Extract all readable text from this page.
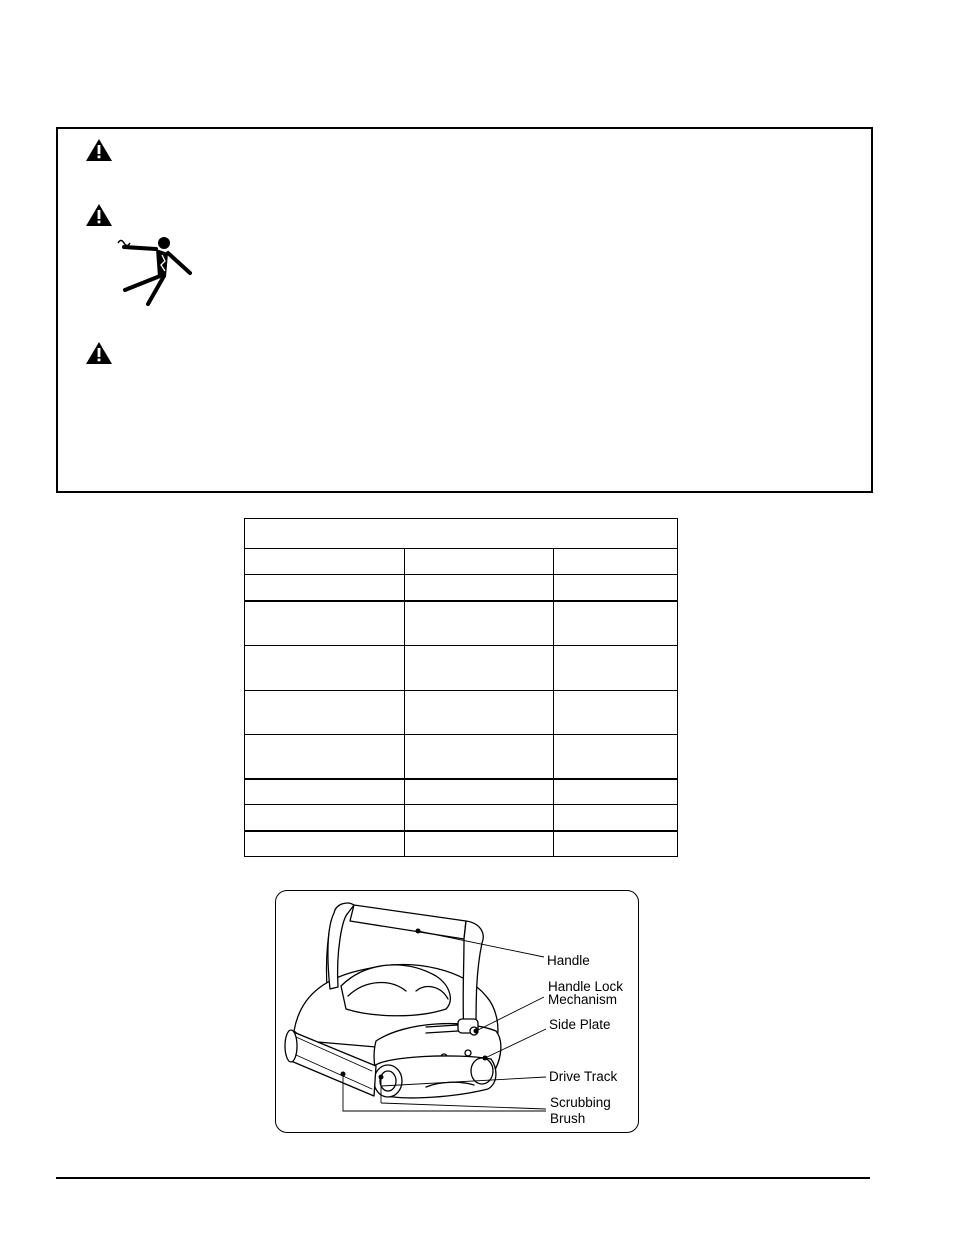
Handle
Handle Lock
Mechanism
Side Plate
Drive Track
Scrubbing
Brush
